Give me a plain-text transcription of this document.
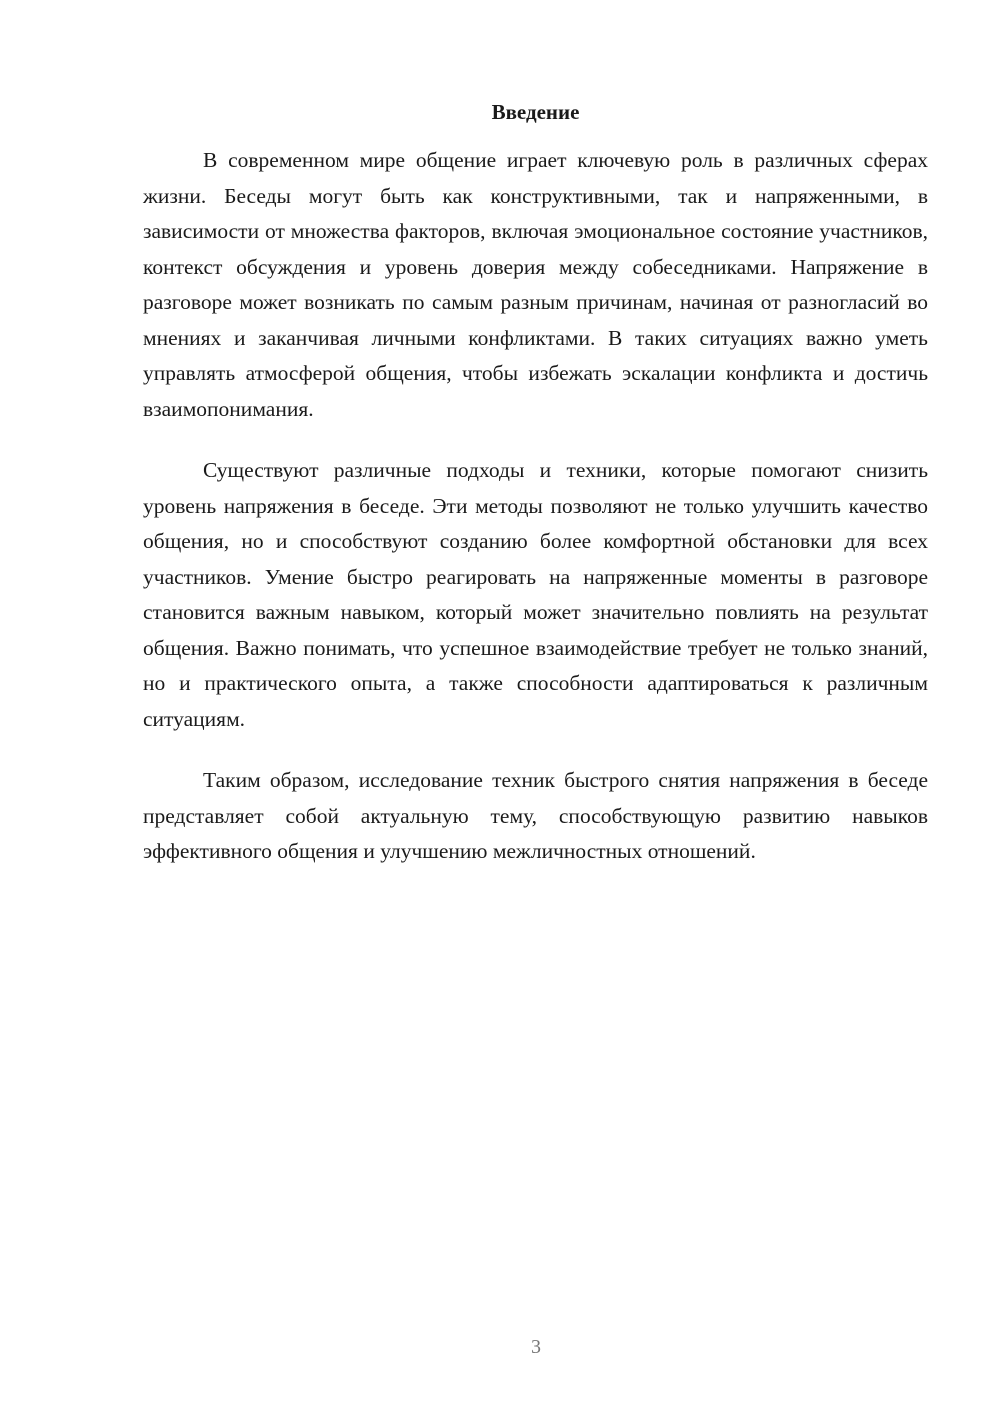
Введение

В современном мире общение играет ключевую роль в различных сферах жизни. Беседы могут быть как конструктивными, так и напряженными, в зависимости от множества факторов, включая эмоциональное состояние участников, контекст обсуждения и уровень доверия между собеседниками. Напряжение в разговоре может возникать по самым разным причинам, начиная от разногласий во мнениях и заканчивая личными конфликтами. В таких ситуациях важно уметь управлять атмосферой общения, чтобы избежать эскалации конфликта и достичь взаимопонимания.

Существуют различные подходы и техники, которые помогают снизить уровень напряжения в беседе. Эти методы позволяют не только улучшить качество общения, но и способствуют созданию более комфортной обстановки для всех участников. Умение быстро реагировать на напряженные моменты в разговоре становится важным навыком, который может значительно повлиять на результат общения. Важно понимать, что успешное взаимодействие требует не только знаний, но и практического опыта, а также способности адаптироваться к различным ситуациям.

Таким образом, исследование техник быстрого снятия напряжения в беседе представляет собой актуальную тему, способствующую развитию навыков эффективного общения и улучшению межличностных отношений.

3
